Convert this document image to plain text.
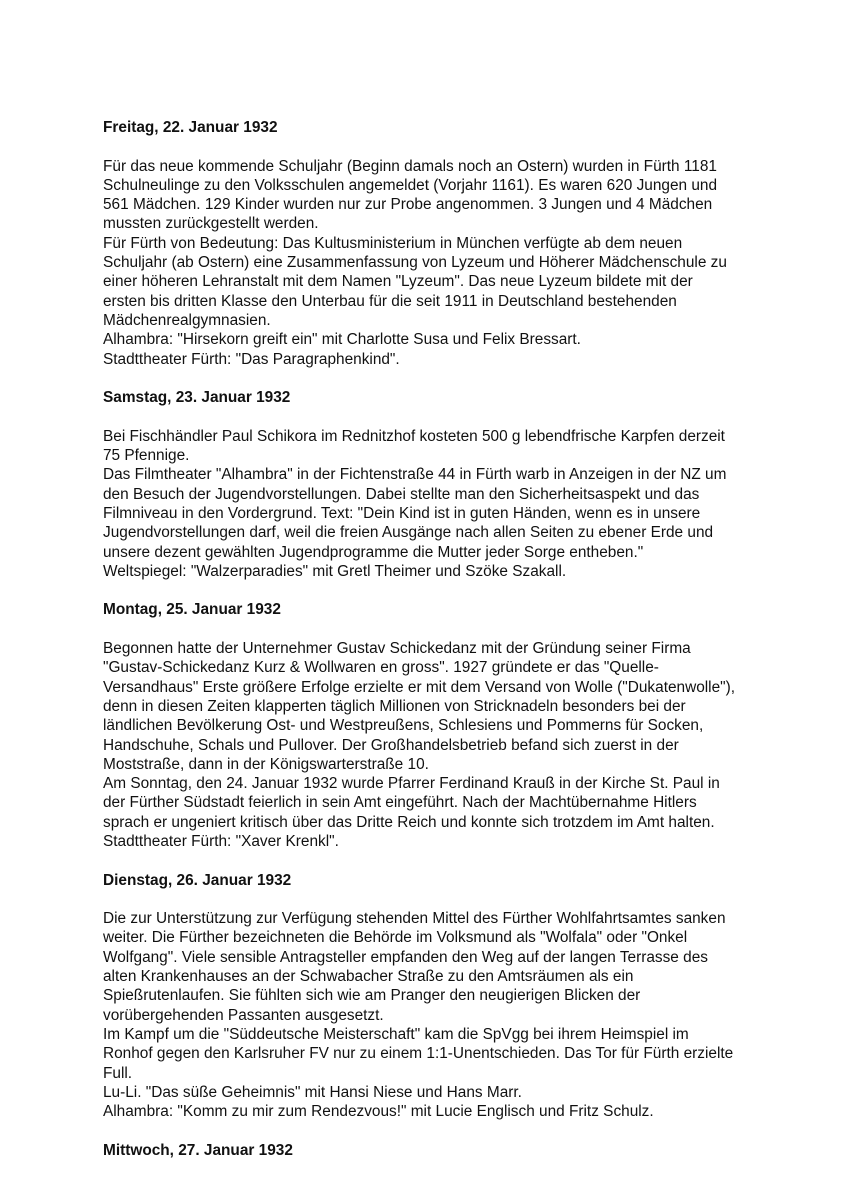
Freitag, 22. Januar 1932
Für das neue kommende Schuljahr (Beginn damals noch an Ostern) wurden in Fürth 1181
Schulneulinge zu den Volksschulen angemeldet (Vorjahr 1161). Es waren 620 Jungen und
561 Mädchen. 129 Kinder wurden nur zur Probe angenommen. 3 Jungen und 4 Mädchen
mussten zurückgestellt werden.
Für Fürth von Bedeutung: Das Kultusministerium in München verfügte ab dem neuen
Schuljahr (ab Ostern) eine Zusammenfassung von Lyzeum und Höherer Mädchenschule zu
einer höheren Lehranstalt mit dem Namen "Lyzeum". Das neue Lyzeum bildete mit der
ersten bis dritten Klasse den Unterbau für die seit 1911 in Deutschland bestehenden
Mädchenrealgymnasien.
Alhambra: "Hirsekorn greift ein" mit Charlotte Susa und Felix Bressart.
Stadttheater Fürth: "Das Paragraphenkind".
Samstag, 23. Januar 1932
Bei Fischhändler Paul Schikora im Rednitzhof kosteten 500 g lebendfrische Karpfen derzeit
75 Pfennige.
Das Filmtheater "Alhambra" in der Fichtenstraße 44 in Fürth warb in Anzeigen in der NZ um
den Besuch der Jugendvorstellungen. Dabei stellte man den Sicherheitsaspekt und das
Filmniveau in den Vordergrund. Text: "Dein Kind ist in guten Händen, wenn es in unsere
Jugendvorstellungen darf, weil die freien Ausgänge nach allen Seiten zu ebener Erde und
unsere dezent gewählten Jugendprogramme die Mutter jeder Sorge entheben."
Weltspiegel: "Walzerparadies" mit Gretl Theimer und Szöke Szakall.
Montag, 25. Januar 1932
Begonnen hatte der Unternehmer Gustav Schickedanz mit der Gründung seiner Firma
"Gustav-Schickedanz Kurz & Wollwaren en gross". 1927 gründete er das "Quelle-
Versandhaus" Erste größere Erfolge erzielte er mit dem Versand von Wolle ("Dukatenwolle"),
denn in diesen Zeiten klapperten täglich Millionen von Stricknadeln besonders bei der
ländlichen Bevölkerung Ost- und Westpreußens, Schlesiens und Pommerns für Socken,
Handschuhe, Schals und Pullover. Der Großhandelsbetrieb befand sich zuerst in der
Moststraße, dann in der Königswarterstraße 10.
Am Sonntag, den 24. Januar 1932 wurde Pfarrer Ferdinand Krauß in der Kirche St. Paul in
der Fürther Südstadt feierlich in sein Amt eingeführt. Nach der Machtübernahme Hitlers
sprach er ungeniert kritisch über das Dritte Reich und konnte sich trotzdem im Amt halten.
Stadttheater Fürth: "Xaver Krenkl".
Dienstag, 26. Januar 1932
Die zur Unterstützung zur Verfügung stehenden Mittel des Fürther Wohlfahrtsamtes sanken
weiter. Die Fürther bezeichneten die Behörde im Volksmund als "Wolfala" oder "Onkel
Wolfgang". Viele sensible Antragsteller empfanden den Weg auf der langen Terrasse des
alten Krankenhauses an der Schwabacher Straße zu den Amtsräumen als ein
Spießrutenlaufen. Sie fühlten sich wie am Pranger den neugierigen Blicken der
vorübergehenden Passanten ausgesetzt.
Im Kampf um die "Süddeutsche Meisterschaft" kam die SpVgg bei ihrem Heimspiel im
Ronhof gegen den Karlsruher FV nur zu einem 1:1-Unentschieden. Das Tor für Fürth erzielte
Full.
Lu-Li. "Das süße Geheimnis" mit Hansi Niese und Hans Marr.
Alhambra: "Komm zu mir zum Rendezvous!" mit Lucie Englisch und Fritz Schulz.
Mittwoch, 27. Januar 1932
